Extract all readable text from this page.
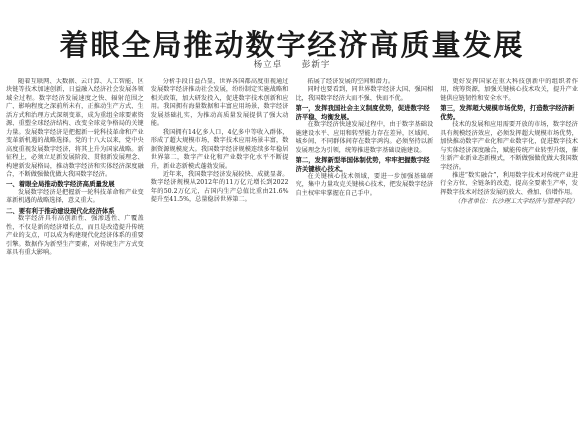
着眼全局推动数字经济高质量发展
杨立卓 彭新宇

随着互联网、大数据、云计算、人工智能、区块链等技术加速创新，日益融入经济社会发展各领域全过程。数字经济发展速度之快、辐射范围之广、影响程度之深前所未有，正推动生产方式、生活方式和治理方式深刻变革，成为重组全球要素资源、重塑全球经济结构、改变全球竞争格局的关键力量。发展数字经济是把握新一轮科技革命和产业变革新机遇的战略选择。党的十八大以来，党中央高度重视发展数字经济，将其上升为国家战略。新征程上，必须立足新发展阶段、贯彻新发展理念、构建新发展格局，推动数字经济和实体经济深度融合，不断做强做优做大我国数字经济。

一、着眼全局推动数字经济高质量发展

发展数字经济是把握新一轮科技革命和产业变革新机遇的战略选择，意义重大。

二、要有利于推动建设现代化经济体系

数字经济具有高创新性、强渗透性、广覆盖性，不仅是新的经济增长点，而且是改造提升传统产业的支点，可以成为构建现代化经济体系的重要引擎。数据作为新型生产要素，对传统生产方式变革具有重大影响。

分析手段日益凸显，世界各国都高度重视通过发展数字经济推动社会发展，纷纷制定实施战略和相关政策，加大研发投入，促进数字技术创新和应用。我国拥有海量数据和丰富应用场景，数字经济发展基础扎实，为推动高质量发展提供了强大动能。

我国拥有14亿多人口，4亿多中等收入群体，形成了超大规模市场，数字技术应用场景丰富，数据资源规模庞大。我国数字经济规模连续多年稳居世界第二，数字产业化和产业数字化水平不断提升，新业态新模式蓬勃发展。

近年来，我国数字经济发展较快、成就显著。数字经济规模从2012年的11万亿元增长到2022年的50.2万亿元，占国内生产总值比重由21.6%提升至41.5%，总量稳居世界第二。

拓展了经济发展的空间和潜力。

同时也要看到，同世界数字经济大国、强国相比，我国数字经济大而不强、快而不优。

第一，发挥我国社会主义制度优势，促进数字经济平稳、均衡发展。

在数字经济快速发展过程中，由于数字基础设施建设水平、应用和转型能力存在差异，区域间、城乡间、不同群体间存在数字鸿沟。必须坚持以新发展理念为引领，统筹推进数字基础设施建设。

第二，发挥新型举国体制优势，牢牢把握数字经济关键核心技术。

在关键核心技术领域，要进一步加强基础研究，集中力量攻克关键核心技术，把发展数字经济自主权牢牢掌握在自己手中。

更好发挥国家在重大科技创新中的组织者作用，统筹资源，加强关键核心技术攻关，提升产业链供应链韧性和安全水平。

第三，发挥超大规模市场优势，打造数字经济新优势。

技术的发展和应用需要开放的市场，数字经济具有规模经济效应，必须发挥超大规模市场优势，加快推动数字产业化和产业数字化，促进数字技术与实体经济深度融合，赋能传统产业转型升级，催生新产业新业态新模式，不断做强做优做大我国数字经济。

推进“数实融合”，利用数字技术对传统产业进行全方位、全链条的改造，提高全要素生产率，发挥数字技术对经济发展的放大、叠加、倍增作用。

（作者单位：长沙理工大学经济与管理学院）
